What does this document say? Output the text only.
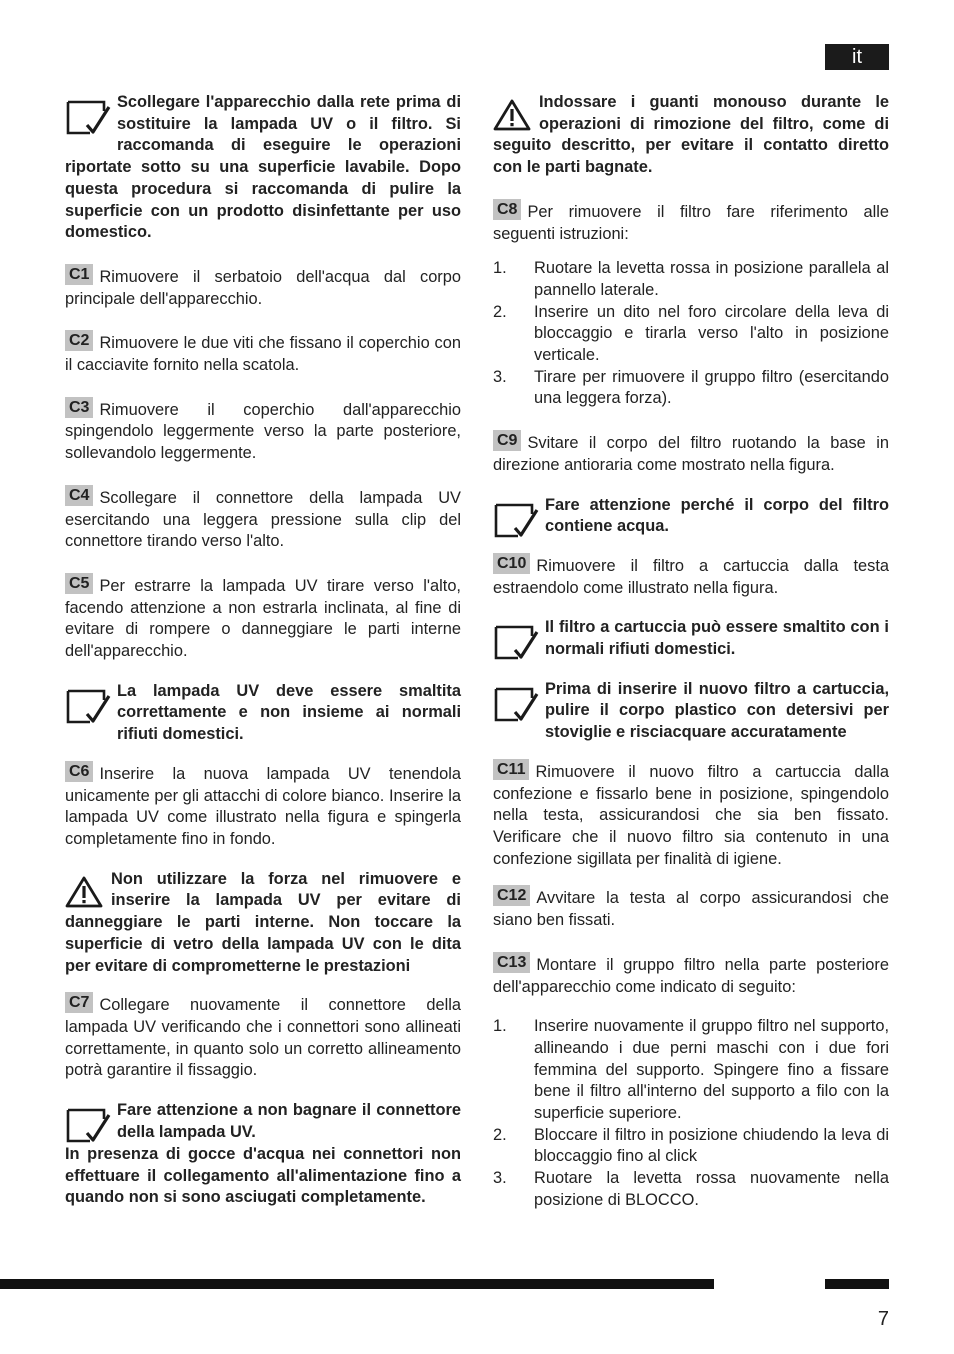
it
Scollegare l'apparecchio dalla rete prima di sostituire la lampada UV o il filtro. Si raccomanda di eseguire le operazioni riportate sotto su una superficie lavabile. Dopo questa procedura si raccomanda di pulire la superficie con un prodotto disinfettante per uso domestico.
C1 Rimuovere il serbatoio dell'acqua dal corpo principale dell'apparecchio.
C2 Rimuovere le due viti che fissano il coperchio con il cacciavite fornito nella scatola.
C3 Rimuovere il coperchio dall'apparecchio spingendolo leggermente verso la parte posteriore, sollevandolo leggermente.
C4 Scollegare il connettore della lampada UV esercitando una leggera pressione sulla clip del connettore tirando verso l'alto.
C5 Per estrarre la lampada UV tirare verso l'alto, facendo attenzione a non estrarla inclinata, al fine di evitare di rompere o danneggiare le parti interne dell'apparecchio.
La lampada UV deve essere smaltita correttamente e non insieme ai normali rifiuti domestici.
C6 Inserire la nuova lampada UV tenendola unicamente per gli attacchi di colore bianco. Inserire la lampada UV come illustrato nella figura e spingerla completamente fino in fondo.
Non utilizzare la forza nel rimuovere e inserire la lampada UV per evitare di danneggiare le parti interne. Non toccare la superficie di vetro della lampada UV con le dita per evitare di comprometterne le prestazioni
C7 Collegare nuovamente il connettore della lampada UV verificando che i connettori sono allineati correttamente, in quanto solo un corretto allineamento potrà garantire il fissaggio.
Fare attenzione a non bagnare il connettore della lampada UV.
In presenza di gocce d'acqua nei connettori non effettuare il collegamento all'alimentazione fino a quando non si sono asciugati completamente.
Indossare i guanti monouso durante le operazioni di rimozione del filtro, come di seguito descritto, per evitare il contatto diretto con le parti bagnate.
C8 Per rimuovere il filtro fare riferimento alle seguenti istruzioni:
1. Ruotare la levetta rossa in posizione parallela al pannello laterale.
2. Inserire un dito nel foro circolare della leva di bloccaggio e tirarla verso l'alto in posizione verticale.
3. Tirare per rimuovere il gruppo filtro (esercitando una leggera forza).
C9 Svitare il corpo del filtro ruotando la base in direzione antioraria come mostrato nella figura.
Fare attenzione perché il corpo del filtro contiene acqua.
C10 Rimuovere il filtro a cartuccia dalla testa estraendolo come illustrato nella figura.
Il filtro a cartuccia può essere smaltito con i normali rifiuti domestici.
Prima di inserire il nuovo filtro a cartuccia, pulire il corpo plastico con detersivi per stoviglie e risciacquare accuratamente
C11 Rimuovere il nuovo filtro a cartuccia dalla confezione e fissarlo bene in posizione, spingendolo nella testa, assicurandosi che sia ben fissato. Verificare che il nuovo filtro sia contenuto in una confezione sigillata per finalità di igiene.
C12 Avvitare la testa al corpo assicurandosi che siano ben fissati.
C13 Montare il gruppo filtro nella parte posteriore dell'apparecchio come indicato di seguito:
1. Inserire nuovamente il gruppo filtro nel supporto, allineando i due perni maschi con i due fori femmina del supporto. Spingere fino a fissare bene il filtro all'interno del supporto a filo con la superficie superiore.
2. Bloccare il filtro in posizione chiudendo la leva di bloccaggio fino al click
3. Ruotare la levetta rossa nuovamente nella posizione di BLOCCO.
7
